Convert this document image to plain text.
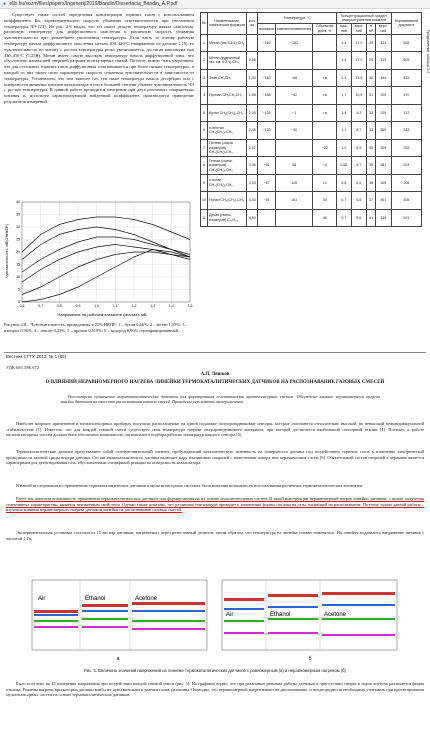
● elib.hu/sozm/files/papers/Ingenerij/2019/Bandin/Dissertacia_Bandin_A.P.pdf

Существует также способ определения концентрации горючих газов с использованием коэффициента Кн, характеризующего скорость убывания чувствительности при увеличении температуры ЧЭ [23]. На рис. 2.8 видно, что газ имеет резкую температуру начала окисления, различную температуру для диффузионного окисления и различную скорость убывания чувствительности при дальнейшем увеличении температуры. Если взять за основу рабочую температуру начала диффузионного окисления метана 400–420°С (напряжение на датчике 1,18), то чувствительность по метану с ростом температуры резко увеличивается, достигая максимума при 430–450°С (1,25В). Метан имеет самую высокую температуру начала диффузионной зоны, что обусловлено наивысшей энергией разрыва молекулярных связей. Поэтому можно быть уверенным, что для остальных горючих газов диффузионная зона начинается при более низких температурах, и каждый из них имеет свою характерную скорость снижения чувствительности в зависимости от температуры. Установлено, что чем тяжелее газ, тем ниже температура начала десорбции газа с поверхности активных центров катализатора и тем в большей степени убывает чувствительность ЧЭ с ростом температуры. В данной работе проводится измерение при двух различных напряжениях питания и, используя характеризующий найденный коэффициент, производится приведение результатов измерений.

0
5
10
15
20
25
30
35
40
0,6	0,7	0,8	0,9	1,0	1,1	1,2	1,3	1,4	1,5
Напряжение на рабочем элементе (мостах), мВ
Чувствительность, мВ/(1%НКПР)
Рисунок 2.8 – Чувствительность, приведенная к 25% НКПР: 1 – бутан 0,66%; 2 – метан 1,05%; 3 – изопрол 0,96%; 4 – гексан 0,25%; 5 – пропан 0,519%; 6 – водород 0,96% сертифицированный
№	Наименование, химическая формула	кол-во	Температура, °С			Концентрационный предел распространения пламени				Нормативный документ
			вспышки	самовоспламенения	Объемная доля, %	ниж-ний	верх-ний	г/м³	верх-ний	
1	Метан (газ 5.2.4) CH₄		−182	−162		4,4	17,0	29	113	505
2	Метан (рудничный газ, см. 5.2.4) CH₄	0,55				4,4	17,0	29	113	505
3	Этан CH₃CH₃	1,04	−183	−88	<в	2,4	15,5	30	194	515
4	Пропан CH₃CH₂CH₃	1,56	−188	−42	<в	1,7	10,9	31	200	470
5	Бутан CH₃(CH₂)₂CH₃	2,05	−139	−1	<в	1,4	9,3	33	225	372
6	н-пентан CH₃(CH₂)₃CH₃	2,48	−130	−40		1,1	8,7	33	260	243
7	Пентан (смесь изомеров) CH₃(CH₂)₃CH₃	2,97			−22	1,0	8,9	35	309	253
8	Гептан (смесь изомеров) CH₃(CH₂)₅CH₃	3,46	−91	98	−4	0,85	6,7	35	281	204
9	н-октан CH₃(CH₂)₆CH₃	3,93	−57	126	13	0,8	6,5	38	305	206
10	Нонан CH₃(CH₂)₇CH₃	4,43	−51	151	30	0,7	5,6	37	301	205
11	Декан (смесь изомеров) C₁₀H₂₂	4,90			46	0,7	5,6	41	335	201
Продолжение таблицы 2.4
Вестник СГТУ. 2013. № 1 (69)
УДК 681.586.672
А.П. Ляшков
О ВЛИЯНИИ НЕРАВНОМЕРНОГО НАГРЕВА ЛИНЕЙКИ ТЕРМОКАТАЛИТИЧЕСКИХ ДАТЧИКОВ НА РАСПОЗНАВАНИЕ ГАЗОВЫХ СМЕСЕЙ
Рассмотрено применение термокаталитических датчиков для формирования селективности мультисенсорных систем. Обсуждено влияние неравномерного нагрева линейки датчиков на качество распознавания газовых смесей. Приведены результаты экспериментов.

Наиболее широкое применение в мультисенсорных приборах получили располагаемые на одной подложке полупроводниковые сенсоры, которые отличаются относительно высокой, но невысокой межиндивидуальной стабильностью [1]. Известно, что для каждой газовой смеси существует своя температура нагрева полупроводникового материала, при которой достигается наибольший сенсорный отклик [4]. Поэтому, в работе мультисенсорных систем должна быть обеспечена возможность оптимального подбора рабочих температур каждого сенсора [5].

Термокаталитические датчики представляют собой газочувствительный элемент, пробуждающий каталитическую активность на поверхности датчика под воздействием горючих газов в изменение электрической проводимости газовой среды внутри датчика. Состав термокаталического датчика включает пару платиновых спиралей с нанесенным поверх них керамическим слоем [6]. Обязательный состав спиралей в керамике является характерным для детектирования газа, обусловленным спецификой реакции на поверхности катализатора.

В нашей исследовании по применению термокаталитических датчиков в мультисенсорных системах была показана возможность использования различных термокаталитических элементов.

Ранее мы показали возможность применения термокаталитических датчиков для формирования на их основе мультисенсорных систем. В такой конструкции неравномерный нагрев линейки датчиков, с целью получения селективных характеристик, является неизменным свойством. Однако также показано, что различная температура приводит к изменению формы отклика на газы, влияющей на распознавание. Поэтому задача данной работы – изучение влияния неравномерного нагрева датчиков линейки на распознавание газовых смесей.

Экспериментальная установка состояла из 15-ми пар датчиков, нагреваемых через резистивный делитель таким образом, что температура на линейке плавно изменялась. На линейку подавалось напряжение питания с частотой 1 Гц.

Air	Ethanol	Acetone
a
Air	Ethanol	Acetone
б
Рис. 5. Величина значений напряжений на линейке термокаталитических датчиков с равномерным (а) и неравномерным нагревом (б)

Было получено по 43 измерения напряжения при воздействии каждой газовой смеси (рис. 5). На графиках видно, что при различных режимах работы датчиков в присутствии спирта и паров ацетона различается форма отклика. Режимы нагрева, при которых датчики наиболее чувствительны к разным газам, различны. Очевидно, что неравномерный нагрев влияет на распознавание, и неоднородность необходимо учитывать при проектировании мультисенсорных систем на основе термокаталитических датчиков.
